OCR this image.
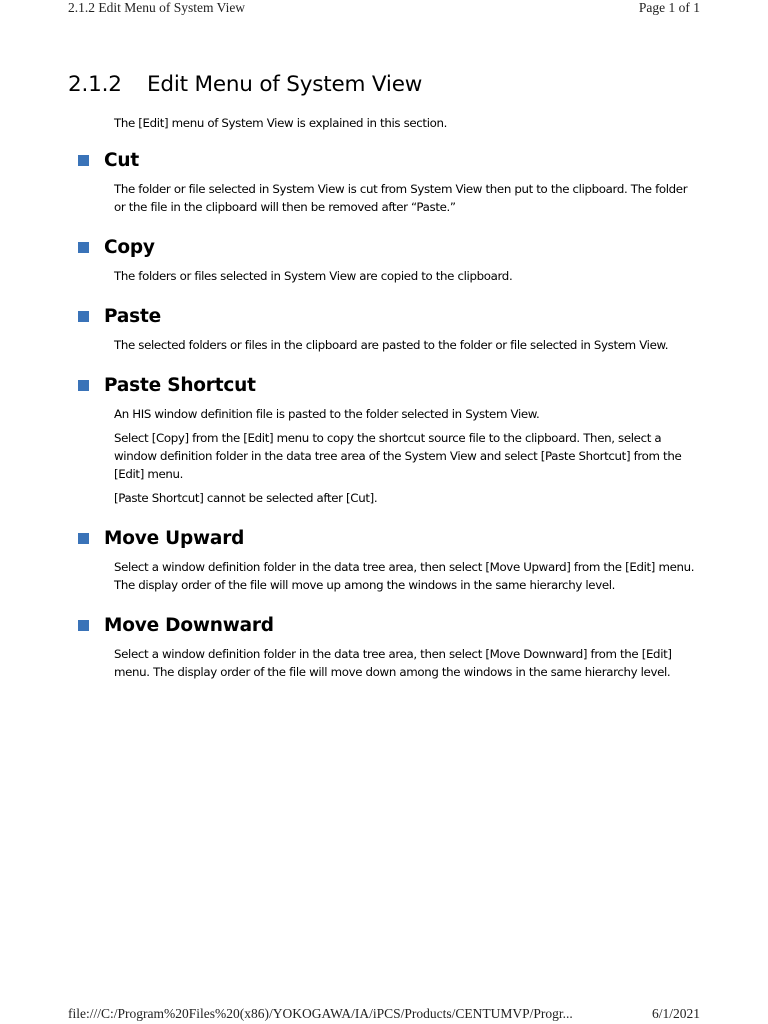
2.1.2 Edit Menu of System View	Page 1 of 1
2.1.2	Edit Menu of System View

The [Edit] menu of System View is explained in this section.

Cut

The folder or file selected in System View is cut from System View then put to the clipboard. The folder or the file in the clipboard will then be removed after “Paste.”

Copy

The folders or files selected in System View are copied to the clipboard.

Paste

The selected folders or files in the clipboard are pasted to the folder or file selected in System View.

Paste Shortcut

An HIS window definition file is pasted to the folder selected in System View.

Select [Copy] from the [Edit] menu to copy the shortcut source file to the clipboard. Then, select a window definition folder in the data tree area of the System View and select [Paste Shortcut] from the [Edit] menu.

[Paste Shortcut] cannot be selected after [Cut].

Move Upward

Select a window definition folder in the data tree area, then select [Move Upward] from the [Edit] menu. The display order of the file will move up among the windows in the same hierarchy level.

Move Downward

Select a window definition folder in the data tree area, then select [Move Downward] from the [Edit] menu. The display order of the file will move down among the windows in the same hierarchy level.

file:///C:/Program%20Files%20(x86)/YOKOGAWA/IA/iPCS/Products/CENTUMVP/Progr...	6/1/2021
